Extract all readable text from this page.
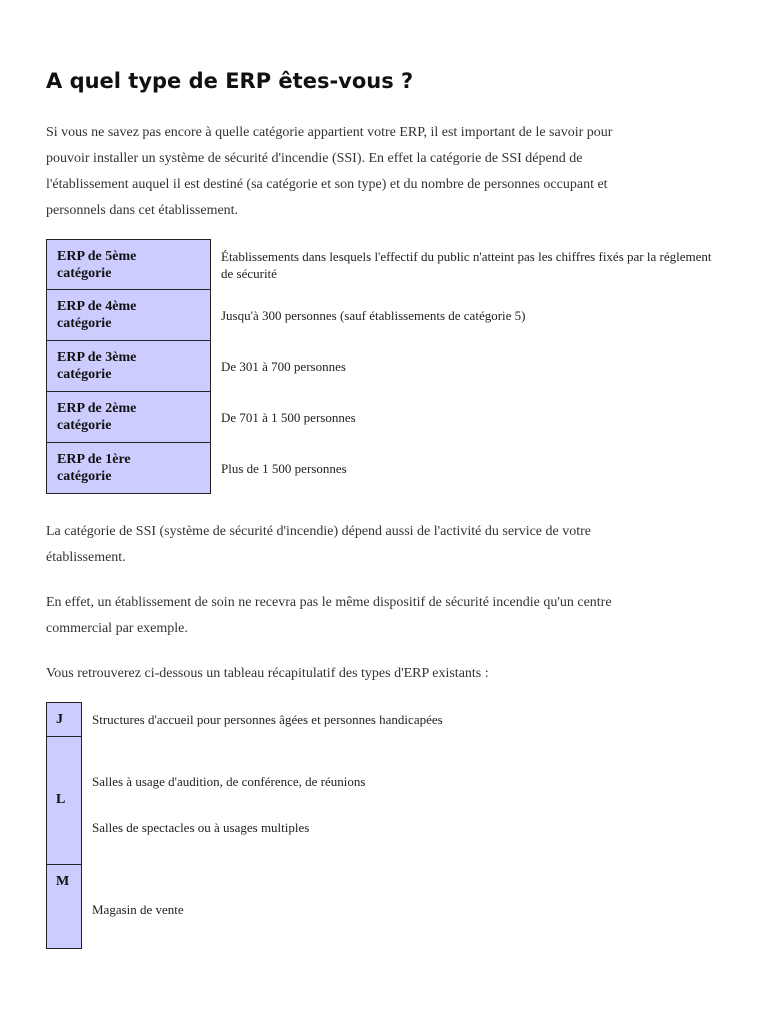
A quel type de ERP êtes-vous ?

Si vous ne savez pas encore à quelle catégorie appartient votre ERP, il est important de le savoir pour
pouvoir installer un système de sécurité d'incendie (SSI). En effet la catégorie de SSI dépend de
l'établissement auquel il est destiné (sa catégorie et son type) et du nombre de personnes occupant et
personnels dans cet établissement.

ERP de 5ème
catégorie
Établissements dans lesquels l'effectif du public n'atteint pas les chiffres fixés par la réglement
de sécurité
ERP de 4ème
catégorie
Jusqu'à 300 personnes (sauf établissements de catégorie 5)
ERP de 3ème
catégorie
De 301 à 700 personnes
ERP de 2ème
catégorie
De 701 à 1 500 personnes
ERP de 1ère
catégorie
Plus de 1 500 personnes

La catégorie de SSI (système de sécurité d'incendie) dépend aussi de l'activité du service de votre
établissement.

En effet, un établissement de soin ne recevra pas le même dispositif de sécurité incendie qu'un centre
commercial par exemple.

Vous retrouverez ci-dessous un tableau récapitulatif des types d'ERP existants :

J Structures d'accueil pour personnes âgées et personnes handicapées
L
Salles à usage d'audition, de conférence, de réunions
Salles de spectacles ou à usages multiples
M
Magasin de vente
